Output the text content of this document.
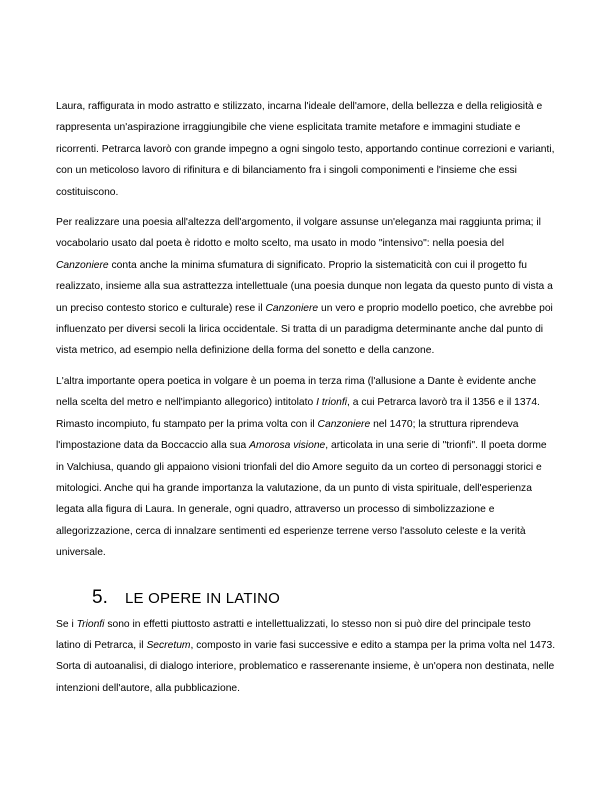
Laura, raffigurata in modo astratto e stilizzato, incarna l'ideale dell'amore, della bellezza e della religiosità e rappresenta un'aspirazione irraggiungibile che viene esplicitata tramite metafore e immagini studiate e ricorrenti. Petrarca lavorò con grande impegno a ogni singolo testo, apportando continue correzioni e varianti, con un meticoloso lavoro di rifinitura e di bilanciamento fra i singoli componimenti e l'insieme che essi costituiscono.

Per realizzare una poesia all'altezza dell'argomento, il volgare assunse un'eleganza mai raggiunta prima; il vocabolario usato dal poeta è ridotto e molto scelto, ma usato in modo "intensivo": nella poesia del Canzoniere conta anche la minima sfumatura di significato. Proprio la sistematicità con cui il progetto fu realizzato, insieme alla sua astrattezza intellettuale (una poesia dunque non legata da questo punto di vista a un preciso contesto storico e culturale) rese il Canzoniere un vero e proprio modello poetico, che avrebbe poi influenzato per diversi secoli la lirica occidentale. Si tratta di un paradigma determinante anche dal punto di vista metrico, ad esempio nella definizione della forma del sonetto e della canzone.

L'altra importante opera poetica in volgare è un poema in terza rima (l'allusione a Dante è evidente anche nella scelta del metro e nell'impianto allegorico) intitolato I trionfi, a cui Petrarca lavorò tra il 1356 e il 1374. Rimasto incompiuto, fu stampato per la prima volta con il Canzoniere nel 1470; la struttura riprendeva l'impostazione data da Boccaccio alla sua Amorosa visione, articolata in una serie di "trionfi". Il poeta dorme in Valchiusa, quando gli appaiono visioni trionfali del dio Amore seguito da un corteo di personaggi storici e mitologici. Anche qui ha grande importanza la valutazione, da un punto di vista spirituale, dell'esperienza legata alla figura di Laura. In generale, ogni quadro, attraverso un processo di simbolizzazione e allegorizzazione, cerca di innalzare sentimenti ed esperienze terrene verso l'assoluto celeste e la verità universale.

5.	LE OPERE IN LATINO

Se i Trionfi sono in effetti piuttosto astratti e intellettualizzati, lo stesso non si può dire del principale testo latino di Petrarca, il Secretum, composto in varie fasi successive e edito a stampa per la prima volta nel 1473. Sorta di autoanalisi, di dialogo interiore, problematico e rasserenante insieme, è un'opera non destinata, nelle intenzioni dell'autore, alla pubblicazione.
